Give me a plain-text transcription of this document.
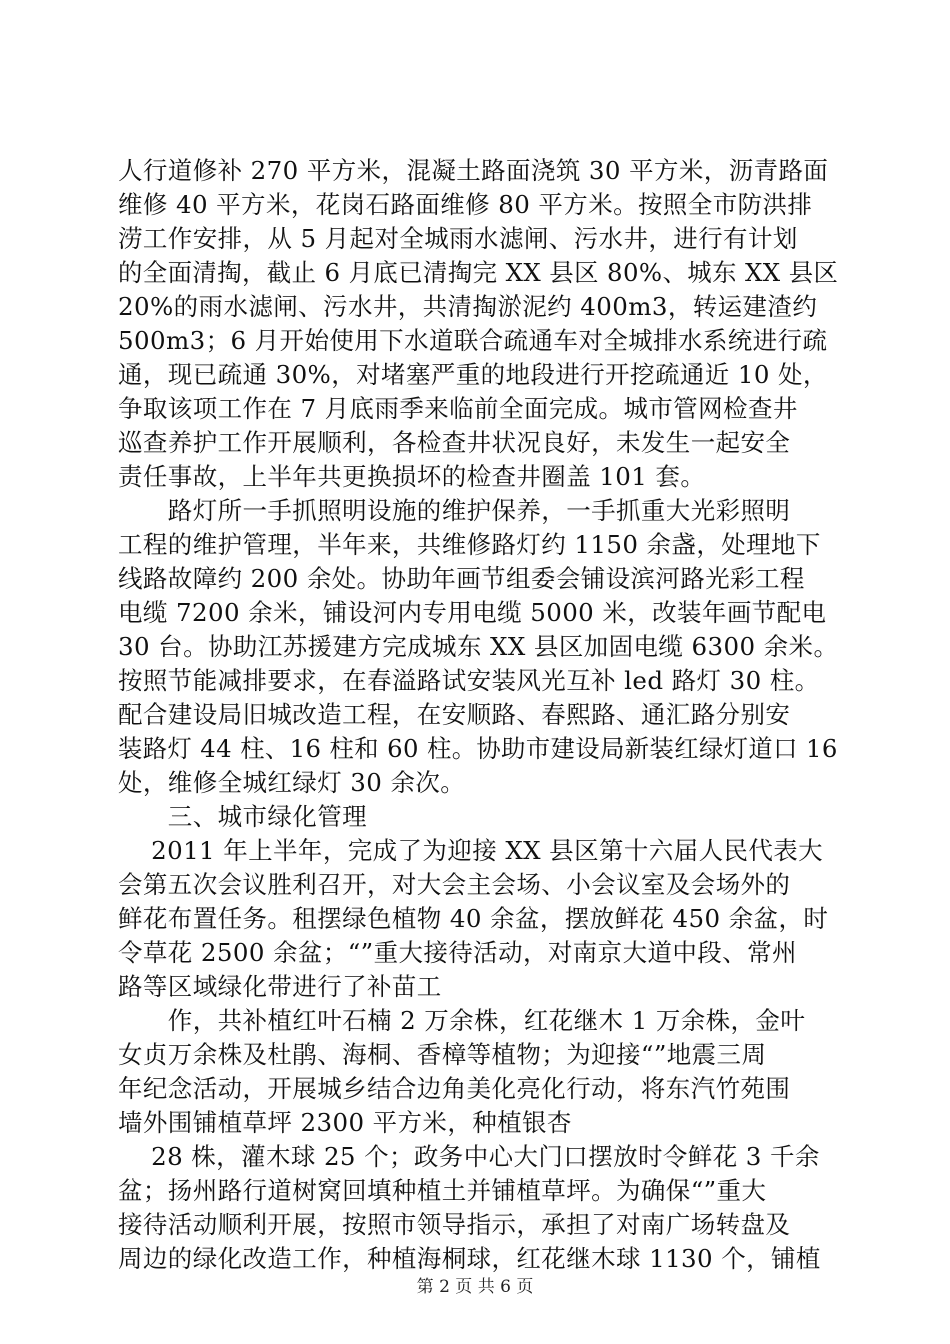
人行道修补 270 平方米，混凝土路面浇筑 30 平方米，沥青路面
维修 40 平方米，花岗石路面维修 80 平方米。按照全市防洪排
涝工作安排，从 5 月起对全城雨水滤闸、污水井，进行有计划
的全面清掏，截止 6 月底已清掏完 XX 县区 80%、城东 XX 县区
20%的雨水滤闸、污水井，共清掏淤泥约 400m3，转运建渣约
500m3；6 月开始使用下水道联合疏通车对全城排水系统进行疏
通，现已疏通 30%，对堵塞严重的地段进行开挖疏通近 10 处，
争取该项工作在 7 月底雨季来临前全面完成。城市管网检查井
巡查养护工作开展顺利，各检查井状况良好，未发生一起安全
责任事故，上半年共更换损坏的检查井圈盖 101 套。
　　路灯所一手抓照明设施的维护保养，一手抓重大光彩照明
工程的维护管理，半年来，共维修路灯约 1150 余盏，处理地下
线路故障约 200 余处。协助年画节组委会铺设滨河路光彩工程
电缆 7200 余米，铺设河内专用电缆 5000 米，改装年画节配电
30 台。协助江苏援建方完成城东 XX 县区加固电缆 6300 余米。
按照节能减排要求，在春溢路试安装风光互补 led 路灯 30 柱。
配合建设局旧城改造工程，在安顺路、春熙路、通汇路分别安
装路灯 44 柱、16 柱和 60 柱。协助市建设局新装红绿灯道口 16
处，维修全城红绿灯 30 余次。
　　三、城市绿化管理
　 2011 年上半年，完成了为迎接 XX 县区第十六届人民代表大
会第五次会议胜利召开，对大会主会场、小会议室及会场外的
鲜花布置任务。租摆绿色植物 40 余盆，摆放鲜花 450 余盆，时
令草花 2500 余盆；“”重大接待活动，对南京大道中段、常州
路等区域绿化带进行了补苗工
　　作，共补植红叶石楠 2 万余株，红花继木 1 万余株，金叶
女贞万余株及杜鹃、海桐、香樟等植物；为迎接“”地震三周
年纪念活动，开展城乡结合边角美化亮化行动，将东汽竹苑围
墙外围铺植草坪 2300 平方米，种植银杏
　 28 株，灌木球 25 个；政务中心大门口摆放时令鲜花 3 千余
盆；扬州路行道树窝回填种植土并铺植草坪。为确保“”重大
接待活动顺利开展，按照市领导指示，承担了对南广场转盘及
周边的绿化改造工作，种植海桐球，红花继木球 1130 个，铺植
第 2 页 共 6 页
